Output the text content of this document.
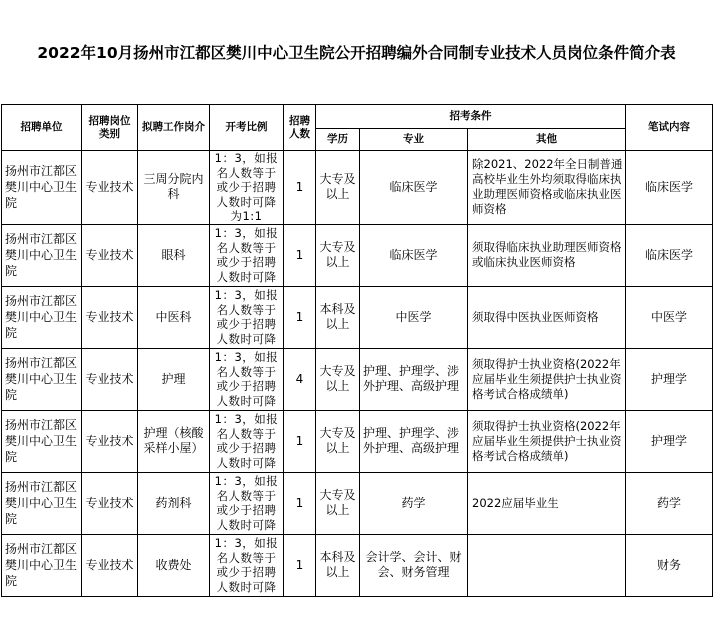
2022年10月扬州市江都区樊川中心卫生院公开招聘编外合同制专业技术人员岗位条件简介表
招聘单位	招聘岗位类别	拟聘工作岗介	开考比例	招聘人数	招考条件			笔试内容
					学历	专业	其他	
扬州市江都区樊川中心卫生院	专业技术	三周分院内科	1：3，如报名人数等于或少于招聘人数时可降为1:1	1	大专及以上	临床医学	除2021、2022年全日制普通高校毕业生外均须取得临床执业助理医师资格或临床执业医师资格	临床医学
扬州市江都区樊川中心卫生院	专业技术	眼科	1：3，如报名人数等于或少于招聘人数时可降	1	大专及以上	临床医学	须取得临床执业助理医师资格或临床执业医师资格	临床医学
扬州市江都区樊川中心卫生院	专业技术	中医科	1：3，如报名人数等于或少于招聘人数时可降	1	本科及以上	中医学	须取得中医执业医师资格	中医学
扬州市江都区樊川中心卫生院	专业技术	护理	1：3，如报名人数等于或少于招聘人数时可降	4	大专及以上	护理、护理学、涉外护理、高级护理	须取得护士执业资格(2022年应届毕业生须提供护士执业资格考试合格成绩单)	护理学
扬州市江都区樊川中心卫生院	专业技术	护理（核酸采样小屋）	1：3，如报名人数等于或少于招聘人数时可降	1	大专及以上	护理、护理学、涉外护理、高级护理	须取得护士执业资格(2022年应届毕业生须提供护士执业资格考试合格成绩单)	护理学
扬州市江都区樊川中心卫生院	专业技术	药剂科	1：3，如报名人数等于或少于招聘人数时可降	1	大专及以上	药学	2022应届毕业生	药学
扬州市江都区樊川中心卫生院	专业技术	收费处	1：3，如报名人数等于或少于招聘人数时可降	1	本科及以上	会计学、会计、财会、财务管理		财务
